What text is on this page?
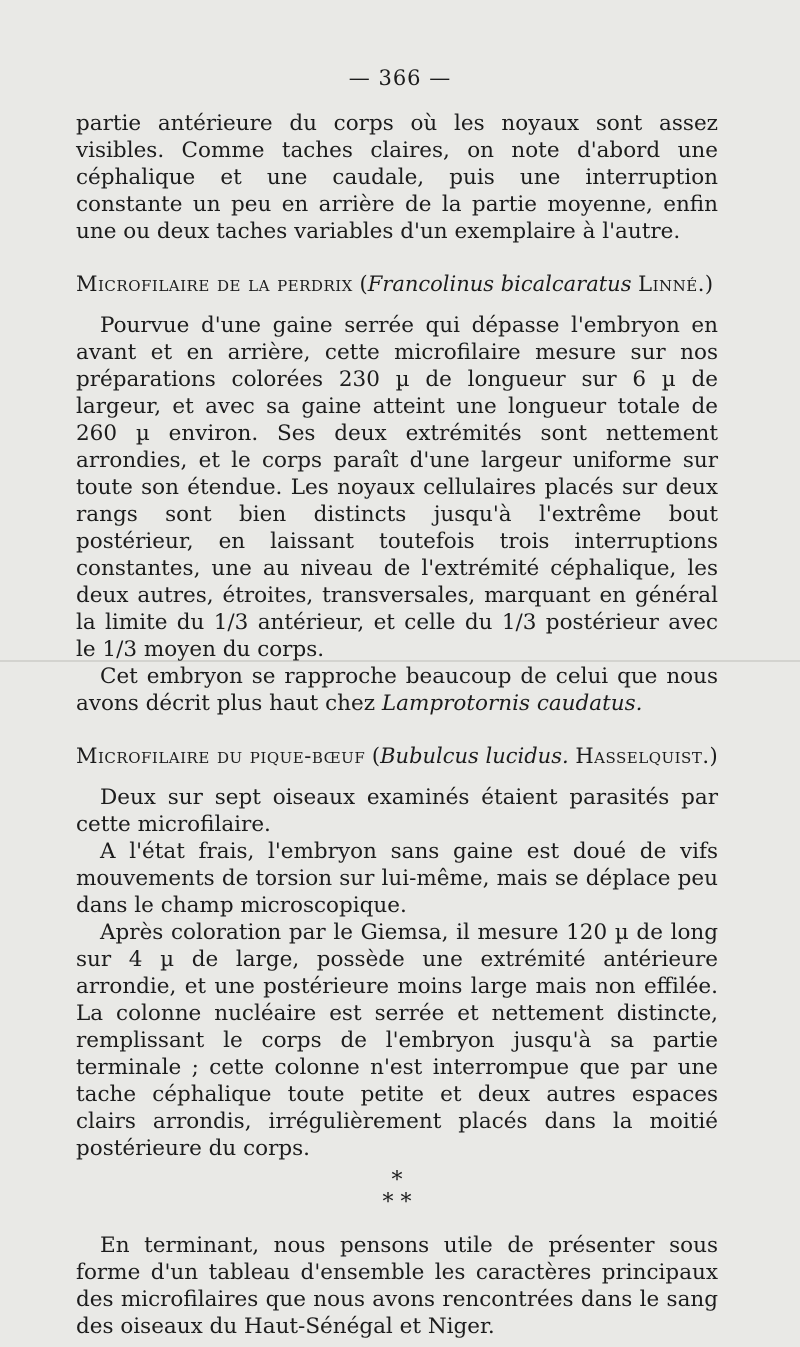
— 366 —

partie antérieure du corps où les noyaux sont assez visibles. Comme taches claires, on note d'abord une céphalique et une caudale, puis une interruption constante un peu en arrière de la partie moyenne, enfin une ou deux taches variables d'un exemplaire à l'autre.

Microfilaire de la perdrix (Francolinus bicalcaratus Linné.)

Pourvue d'une gaine serrée qui dépasse l'embryon en avant et en arrière, cette microfilaire mesure sur nos préparations colorées 230 µ de longueur sur 6 µ de largeur, et avec sa gaine atteint une longueur totale de 260 µ environ. Ses deux extrémités sont nettement arrondies, et le corps paraît d'une largeur uniforme sur toute son étendue. Les noyaux cellulaires placés sur deux rangs sont bien distincts jusqu'à l'extrême bout postérieur, en laissant toutefois trois interruptions constantes, une au niveau de l'extrémité céphalique, les deux autres, étroites, transversales, marquant en général la limite du 1/3 antérieur, et celle du 1/3 postérieur avec le 1/3 moyen du corps.

Cet embryon se rapproche beaucoup de celui que nous avons décrit plus haut chez Lamprotornis caudatus.

Microfilaire du pique-bœuf (Bubulcus lucidus. Hasselquist.)

Deux sur sept oiseaux examinés étaient parasités par cette microfilaire.

A l'état frais, l'embryon sans gaine est doué de vifs mouvements de torsion sur lui-même, mais se déplace peu dans le champ microscopique.

Après coloration par le Giemsa, il mesure 120 µ de long sur 4 µ de large, possède une extrémité antérieure arrondie, et une postérieure moins large mais non effilée. La colonne nucléaire est serrée et nettement distincte, remplissant le corps de l'embryon jusqu'à sa partie terminale ; cette colonne n'est interrompue que par une tache céphalique toute petite et deux autres espaces clairs arrondis, irrégulièrement placés dans la moitié postérieure du corps.

*
* *

En terminant, nous pensons utile de présenter sous forme d'un tableau d'ensemble les caractères principaux des microfilaires que nous avons rencontrées dans le sang des oiseaux du Haut-Sénégal et Niger.
